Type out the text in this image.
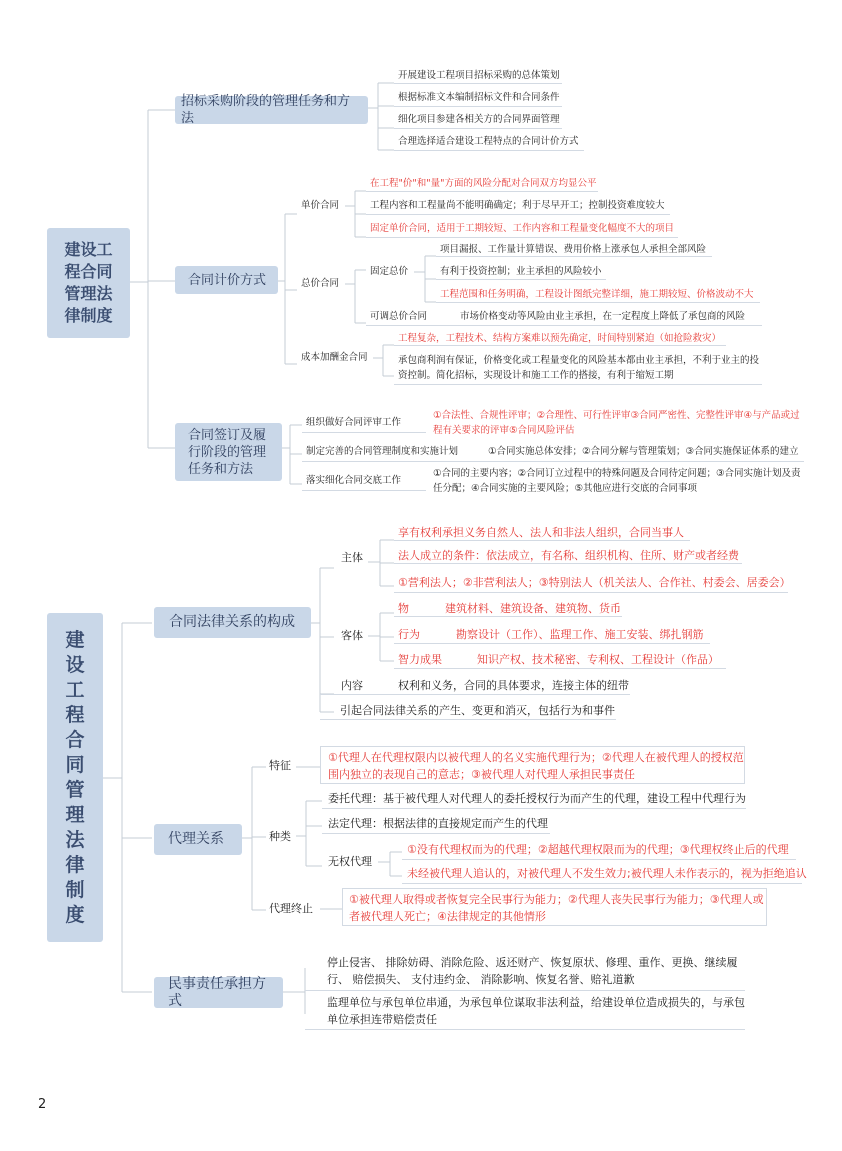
建设工程合同管理法律制度
招标采购阶段的管理任务和方法
开展建设工程项目招标采购的总体策划
根据标准文本编制招标文件和合同条件
细化项目参建各相关方的合同界面管理
合理选择适合建设工程特点的合同计价方式
合同计价方式
单价合同
在工程"价"和"量"方面的风险分配对合同双方均显公平
工程内容和工程量尚不能明确确定；利于尽早开工；控制投资难度较大
固定单价合同，适用于工期较短、工作内容和工程量变化幅度不大的项目
总价合同
固定总价
项目漏报、工作量计算错误、费用价格上涨承包人承担全部风险
有利于投资控制；业主承担的风险较小
工程范围和任务明确，工程设计图纸完整详细，施工期较短、价格波动不大
可调总价合同	市场价格变动等风险由业主承担，在一定程度上降低了承包商的风险
成本加酬金合同
工程复杂，工程技术、结构方案难以预先确定，时间特别紧迫（如抢险救灾）
承包商利润有保证，价格变化或工程量变化的风险基本都由业主承担，不利于业主的投资控制。简化招标，实现设计和施工工作的搭接，有利于缩短工期
合同签订及履行阶段的管理任务和方法
组织做好合同评审工作
①合法性、合规性评审；②合理性、可行性评审③合同严密性、完整性评审④与产品或过程有关要求的评审⑤合同风险评估
制定完善的合同管理制度和实施计划	①合同实施总体安排；②合同分解与管理策划；③合同实施保证体系的建立
落实细化合同交底工作
①合同的主要内容；②合同订立过程中的特殊问题及合同待定问题；③合同实施计划及责任分配；④合同实施的主要风险；⑤其他应进行交底的合同事项
建设工程合同管理法律制度
合同法律关系的构成
主体
享有权利承担义务自然人、法人和非法人组织，合同当事人
法人成立的条件：依法成立，有名称、组织机构、住所、财产或者经费
①营利法人；②非营利法人；③特别法人（机关法人、合作社、村委会、居委会）
客体
物	建筑材料、建筑设备、建筑物、货币
行为	勘察设计（工作）、监理工作、施工安装、绑扎钢筋
智力成果	知识产权、技术秘密、专利权、工程设计（作品）
内容	权利和义务，合同的具体要求，连接主体的纽带
引起合同法律关系的产生、变更和消灭，包括行为和事件
代理关系
特征
①代理人在代理权限内以被代理人的名义实施代理行为；②代理人在被代理人的授权范围内独立的表现自己的意志；③被代理人对代理人承担民事责任
种类
委托代理：基于被代理人对代理人的委托授权行为而产生的代理，建设工程中代理行为
法定代理：根据法律的直接规定而产生的代理
无权代理
①没有代理权而为的代理；②超越代理权限而为的代理；③代理权终止后的代理
未经被代理人追认的，对被代理人不发生效力;被代理人未作表示的，视为拒绝追认
代理终止
①被代理人取得或者恢复完全民事行为能力；②代理人丧失民事行为能力；③代理人或者被代理人死亡；④法律规定的其他情形
民事责任承担方式
停止侵害、 排除妨碍、消除危险、返还财产、恢复原状、修理、重作、更换、继续履行、 赔偿损失、 支付违约金、 消除影响、恢复名誉、赔礼道歉
监理单位与承包单位串通，为承包单位谋取非法利益，给建设单位造成损失的，与承包单位承担连带赔偿责任
2
